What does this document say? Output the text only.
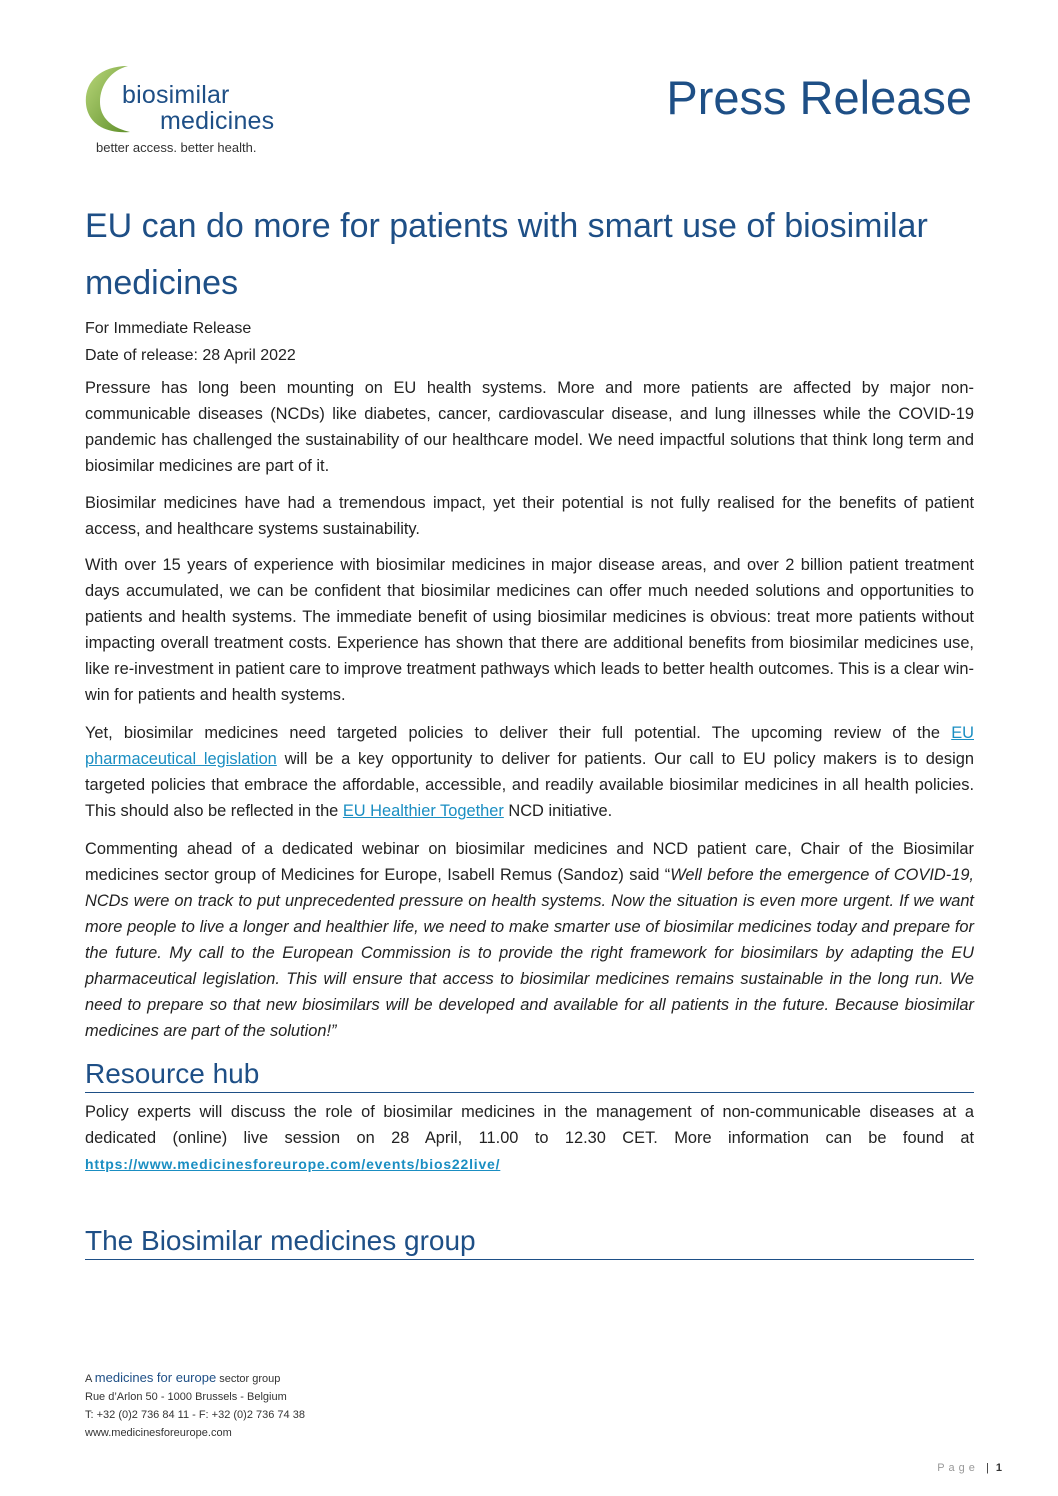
biosimilar
medicines
better access. better health.
Press Release
EU can do more for patients with smart use of biosimilar medicines
For Immediate Release
Date of release: 28 April 2022

Pressure has long been mounting on EU health systems. More and more patients are affected by major non-communicable diseases (NCDs) like diabetes, cancer, cardiovascular disease, and lung illnesses while the COVID-19 pandemic has challenged the sustainability of our healthcare model. We need impactful solutions that think long term and biosimilar medicines are part of it.

Biosimilar medicines have had a tremendous impact, yet their potential is not fully realised for the benefits of patient access, and healthcare systems sustainability.

With over 15 years of experience with biosimilar medicines in major disease areas, and over 2 billion patient treatment days accumulated, we can be confident that biosimilar medicines can offer much needed solutions and opportunities to patients and health systems. The immediate benefit of using biosimilar medicines is obvious: treat more patients without impacting overall treatment costs. Experience has shown that there are additional benefits from biosimilar medicines use, like re-investment in patient care to improve treatment pathways which leads to better health outcomes. This is a clear win-win for patients and health systems.

Yet, biosimilar medicines need targeted policies to deliver their full potential. The upcoming review of the EU pharmaceutical legislation will be a key opportunity to deliver for patients. Our call to EU policy makers is to design targeted policies that embrace the affordable, accessible, and readily available biosimilar medicines in all health policies. This should also be reflected in the EU Healthier Together NCD initiative.

Commenting ahead of a dedicated webinar on biosimilar medicines and NCD patient care, Chair of the Biosimilar medicines sector group of Medicines for Europe, Isabell Remus (Sandoz) said “Well before the emergence of COVID-19, NCDs were on track to put unprecedented pressure on health systems. Now the situation is even more urgent. If we want more people to live a longer and healthier life, we need to make smarter use of biosimilar medicines today and prepare for the future. My call to the European Commission is to provide the right framework for biosimilars by adapting the EU pharmaceutical legislation. This will ensure that access to biosimilar medicines remains sustainable in the long run. We need to prepare so that new biosimilars will be developed and available for all patients in the future. Because biosimilar medicines are part of the solution!”

Resource hub

Policy experts will discuss the role of biosimilar medicines in the management of non-communicable diseases at a dedicated (online) live session on 28 April, 11.00 to 12.30 CET. More information can be found at https://www.medicinesforeurope.com/events/bios22live/

The Biosimilar medicines group
A medicines for europe sector group
Rue d’Arlon 50 - 1000 Brussels - Belgium
T: +32 (0)2 736 84 11 - F: +32 (0)2 736 74 38
www.medicinesforeurope.com
Page | 1
